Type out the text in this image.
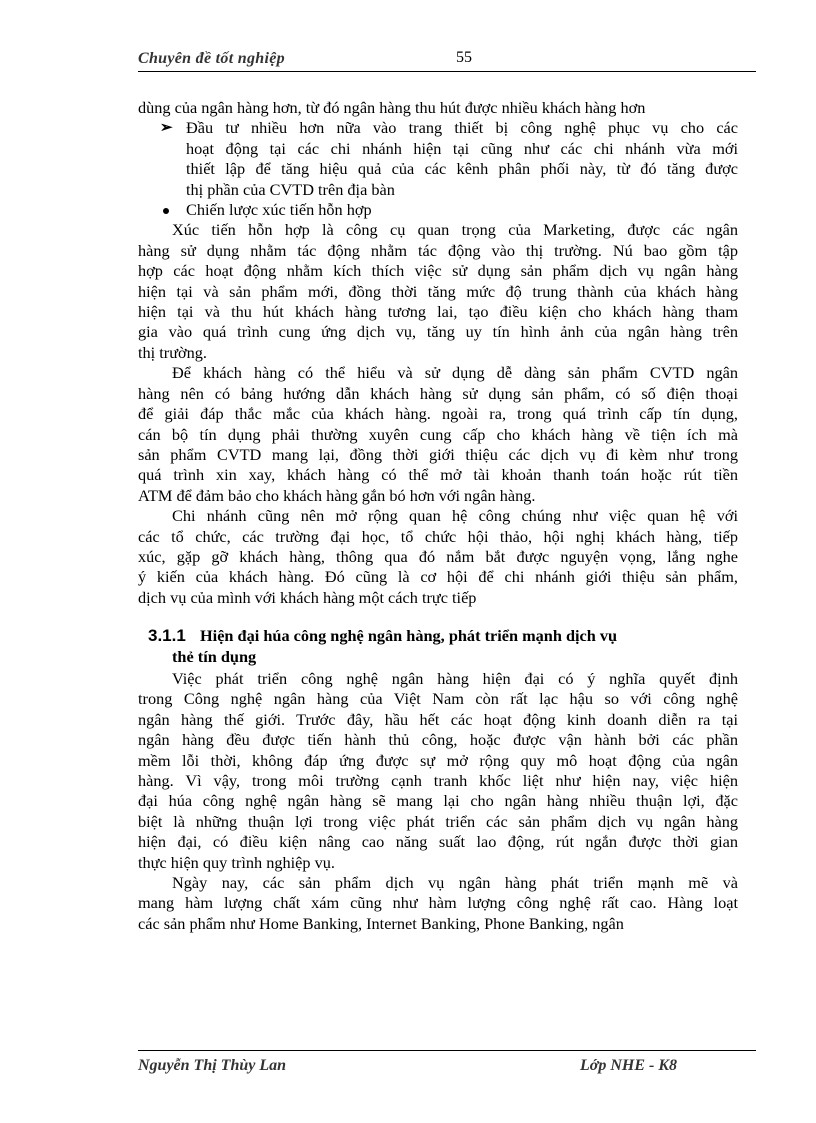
Chuyên đề tốt nghiệp	55
dùng của ngân hàng hơn, từ đó ngân hàng thu hút được nhiều khách hàng hơn
➢ Đầu tư nhiều hơn nữa vào trang thiết bị công nghệ phục vụ cho các
hoạt động tại các chi nhánh hiện tại cũng như các chi nhánh vừa mới
thiết lập để tăng hiệu quả của các kênh phân phối này, từ đó tăng được
thị phần của CVTD trên địa bàn
Chiến lược xúc tiến hỗn hợp
Xúc tiến hỗn hợp là công cụ quan trọng của Marketing, được các ngân
hàng sử dụng nhằm tác động nhằm tác động vào thị trường. Nú bao gồm tập
hợp các hoạt động nhằm kích thích việc sử dụng sản phẩm dịch vụ ngân hàng
hiện tại và sản phẩm mới, đồng thời tăng mức độ trung thành của khách hàng
hiện tại và thu hút khách hàng tương lai, tạo điều kiện cho khách hàng tham
gia vào quá trình cung ứng dịch vụ, tăng uy tín hình ảnh của ngân hàng trên
thị trường.
Để khách hàng có thể hiểu và sử dụng dễ dàng sản phẩm CVTD ngân
hàng nên có bảng hướng dẫn khách hàng sử dụng sản phẩm, có số điện thoại
để giải đáp thắc mắc của khách hàng. ngoài ra, trong quá trình cấp tín dụng,
cán bộ tín dụng phải thường xuyên cung cấp cho khách hàng về tiện ích mà
sản phẩm CVTD mang lại, đồng thời giới thiệu các dịch vụ đi kèm như trong
quá trình xin xay, khách hàng có thể mở tài khoản thanh toán hoặc rút tiền
ATM để đảm bảo cho khách hàng gắn bó hơn với ngân hàng.
Chi nhánh cũng nên mở rộng quan hệ công chúng như việc quan hệ với
các tổ chức, các trường đại học, tổ chức hội thảo, hội nghị khách hàng, tiếp
xúc, gặp gỡ khách hàng, thông qua đó nắm bắt được nguyện vọng, lắng nghe
ý kiến của khách hàng. Đó cũng là cơ hội để chi nhánh giới thiệu sản phẩm,
dịch vụ của mình với khách hàng một cách trực tiếp
3.1.1 Hiện đại húa công nghệ ngân hàng, phát triển mạnh dịch vụ
thẻ tín dụng
Việc phát triển công nghệ ngân hàng hiện đại có ý nghĩa quyết định
trong Công nghệ ngân hàng của Việt Nam còn rất lạc hậu so với công nghệ
ngân hàng thế giới. Trước đây, hầu hết các hoạt động kinh doanh diễn ra tại
ngân hàng đều được tiến hành thủ công, hoặc được vận hành bởi các phần
mềm lỗi thời, không đáp ứng được sự mở rộng quy mô hoạt động của ngân
hàng. Vì vậy, trong môi trường cạnh tranh khốc liệt như hiện nay, việc hiện
đại húa công nghệ ngân hàng sẽ mang lại cho ngân hàng nhiều thuận lợi, đặc
biệt là những thuận lợi trong việc phát triển các sản phẩm dịch vụ ngân hàng
hiện đại, có điều kiện nâng cao năng suất lao động, rút ngắn được thời gian
thực hiện quy trình nghiệp vụ.
Ngày nay, các sản phẩm dịch vụ ngân hàng phát triển mạnh mẽ và
mang hàm lượng chất xám cũng như hàm lượng công nghệ rất cao. Hàng loạt
các sản phẩm như Home Banking, Internet Banking, Phone Banking, ngân
Nguyễn Thị Thùy Lan	Lớp NHE - K8
